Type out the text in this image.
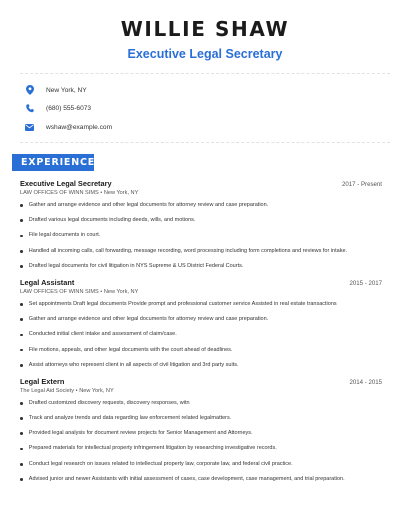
WILLIE SHAW
Executive Legal Secretary
New York, NY
(680) 555-6073
wshaw@example.com
EXPERIENCE
Executive Legal Secretary	2017 - Present
LAW OFFICES OF WINN SIMS • New York, NY
Gather and arrange evidence and other legal documents for attorney review and case preparation.
Drafted various legal documents including deeds, wills, and motions.
File legal documents in court.
Handled all incoming calls, call forwarding, message recording, word processing including form completions and reviews for intake.
Drafted legal documents for civil litigation in NYS Supreme & US District Federal Courts.
Legal Assistant	2015 - 2017
LAW OFFICES OF WINN SIMS • New York, NY
Set appointments Draft legal documents Provide prompt and professional customer service Assisted in real estate transactions
Gather and arrange evidence and other legal documents for attorney review and case preparation.
Conducted initial client intake and assessment of claim/case.
File motions, appeals, and other legal documents with the court ahead of deadlines.
Assist attorneys who represent client in all aspects of civil litigation and 3rd party suits.
Legal Extern	2014 - 2015
The Legal Aid Society • New York, NY
Drafted customized discovery requests, discovery responses, witn
Track and analyze trends and data regarding law enforcement related legalmatters.
Provided legal analysis for document review projects for Senior Management and Attorneys.
Prepared materials for intellectual property infringement litigation by researching investigative records.
Conduct legal research on issues related to intellectual property law, corporate law, and federal civil practice.
Advised junior and newer Assistants with initial assessment of cases, case development, case management, and trial preparation.
